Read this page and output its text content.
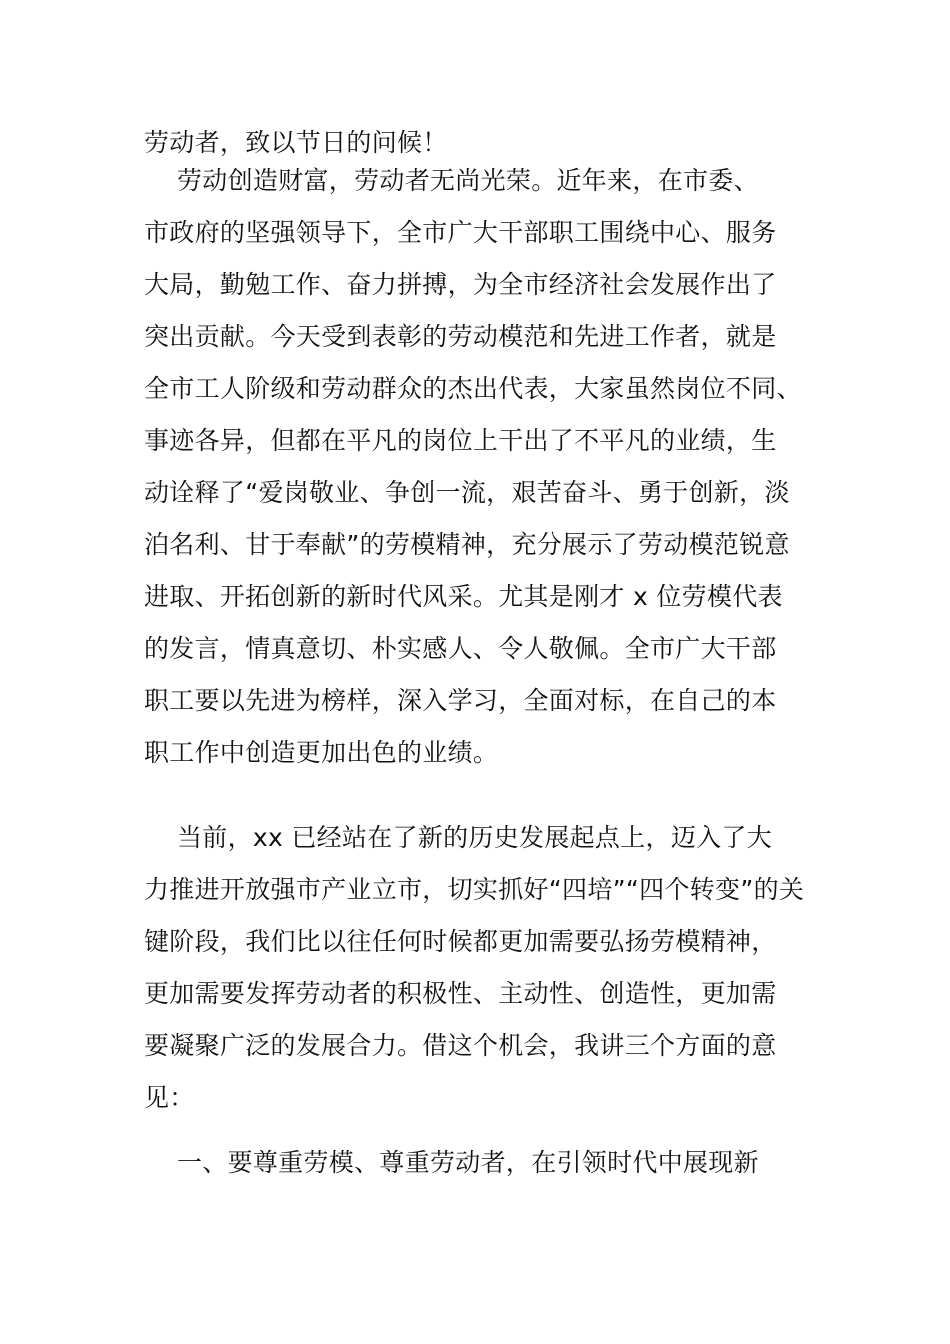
劳动者，致以节日的问候！
劳动创造财富，劳动者无尚光荣。近年来，在市委、
市政府的坚强领导下，全市广大干部职工围绕中心、服务
大局，勤勉工作、奋力拼搏，为全市经济社会发展作出了
突出贡献。今天受到表彰的劳动模范和先进工作者，就是
全市工人阶级和劳动群众的杰出代表，大家虽然岗位不同、
事迹各异，但都在平凡的岗位上干出了不平凡的业绩，生
动诠释了“爱岗敬业、争创一流，艰苦奋斗、勇于创新，淡
泊名利、甘于奉献”的劳模精神，充分展示了劳动模范锐意
进取、开拓创新的新时代风采。尤其是刚才 x 位劳模代表
的发言，情真意切、朴实感人、令人敬佩。全市广大干部
职工要以先进为榜样，深入学习，全面对标，在自己的本
职工作中创造更加出色的业绩。
当前，xx 已经站在了新的历史发展起点上，迈入了大
力推进开放强市产业立市，切实抓好“四培”“四个转变”的关
键阶段，我们比以往任何时候都更加需要弘扬劳模精神，
更加需要发挥劳动者的积极性、主动性、创造性，更加需
要凝聚广泛的发展合力。借这个机会，我讲三个方面的意
见：
一、要尊重劳模、尊重劳动者，在引领时代中展现新
